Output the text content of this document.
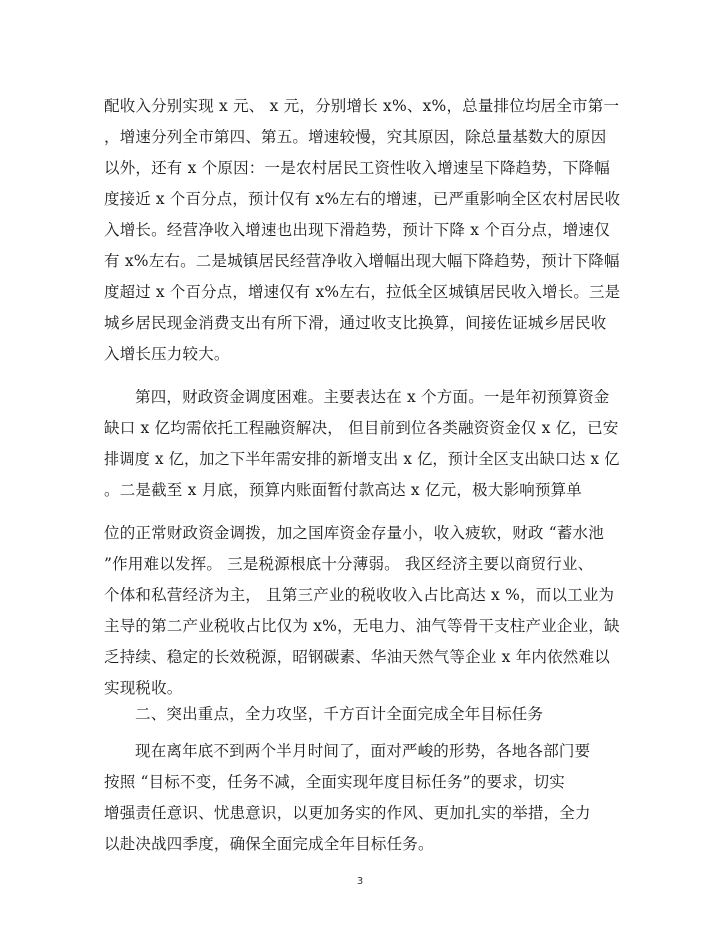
配收入分别实现 x 元、 x 元，分别增长 x%、x%，总量排位均居全市第一
，增速分列全市第四、第五。增速较慢，究其原因，除总量基数大的原因
以外，还有 x 个原因：一是农村居民工资性收入增速呈下降趋势，下降幅
度接近 x 个百分点，预计仅有 x%左右的增速，已严重影响全区农村居民收
入增长。经营净收入增速也出现下滑趋势，预计下降 x 个百分点，增速仅
有 x%左右。二是城镇居民经营净收入增幅出现大幅下降趋势，预计下降幅
度超过 x 个百分点，增速仅有 x%左右，拉低全区城镇居民收入增长。三是
城乡居民现金消费支出有所下滑，通过收支比换算，间接佐证城乡居民收
入增长压力较大。
第四，财政资金调度困难。主要表达在 x 个方面。一是年初预算资金
缺口 x 亿均需依托工程融资解决， 但目前到位各类融资资金仅 x 亿，已安
排调度 x 亿，加之下半年需安排的新增支出 x 亿，预计全区支出缺口达 x 亿
。二是截至 x 月底，预算内账面暂付款高达 x 亿元，极大影响预算单
位的正常财政资金调拨，加之国库资金存量小，收入疲软，财政 “蓄水池
”作用难以发挥。 三是税源根底十分薄弱。 我区经济主要以商贸行业、
个体和私营经济为主， 且第三产业的税收收入占比高达 x %，而以工业为
主导的第二产业税收占比仅为 x%，无电力、油气等骨干支柱产业企业，缺
乏持续、稳定的长效税源，昭钢碳素、华油天然气等企业 x 年内依然难以
实现税收。
二、突出重点，全力攻坚，千方百计全面完成全年目标任务
现在离年底不到两个半月时间了，面对严峻的形势，各地各部门要
按照 “目标不变，任务不减，全面实现年度目标任务”的要求，切实
增强责任意识、忧患意识，以更加务实的作风、更加扎实的举措，全力
以赴决战四季度，确保全面完成全年目标任务。
3
